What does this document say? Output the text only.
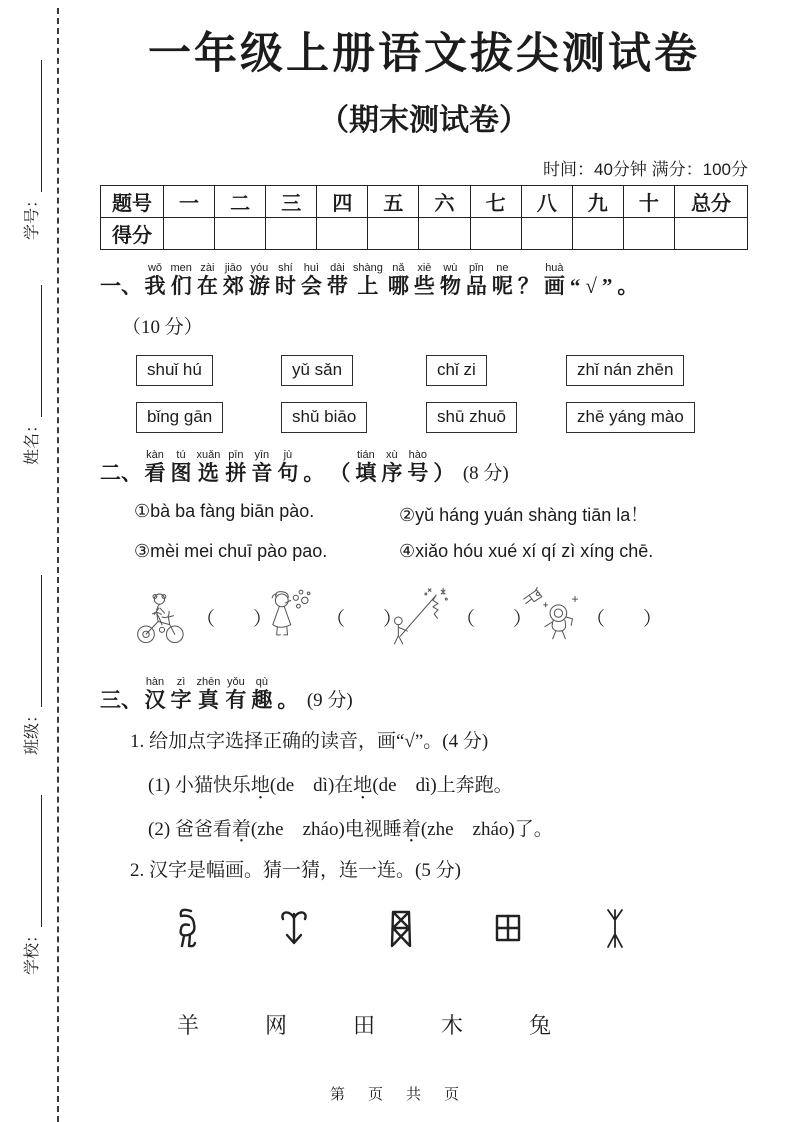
学校：
班级：
姓名：
学号：
一年级上册语文拔尖测试卷
（期末测试卷）
时间：40分钟 满分：100分
题号	一	二	三	四	五	六	七	八	九	十	总分
得分											
一、 我wǒ们men在zài郊jiāo游yóu时shí会huì带dài上shàng哪nǎ些xiē物wù品pǐn呢ne？ 画huà“ √ ” 。
（10 分）
shuǐ hú	yǔ sǎn	chǐ zi	zhǐ nán zhēn
bǐng gān	shǔ biāo	shū zhuō	zhē yáng mào
二、 看kàn图tú选xuǎn拼pīn音yīn句jù。 （ 填tián序xù号hào） (8 分)
①bà ba fàng biān pào.	②yǔ háng yuán shàng tiān la！
③mèi mei chuī pào pao.	④xiǎo hóu xué xí qí zì xíng chē.
（　　）	（　　）	（　　）	（　　）
三、 汉hàn字zì真zhēn有yǒu趣qù。 (9 分)
1. 给加点字选择正确的读音，画“√”。(4 分)
(1) 小猫快乐地(de　dì)在地(de　dì)上奔跑。
(2) 爸爸看着(zhe　zháo)电视睡着(zhe　zháo)了。
2. 汉字是幅画。猜一猜，连一连。(5 分)
羊	网	田	木	兔
第　页　共　页
